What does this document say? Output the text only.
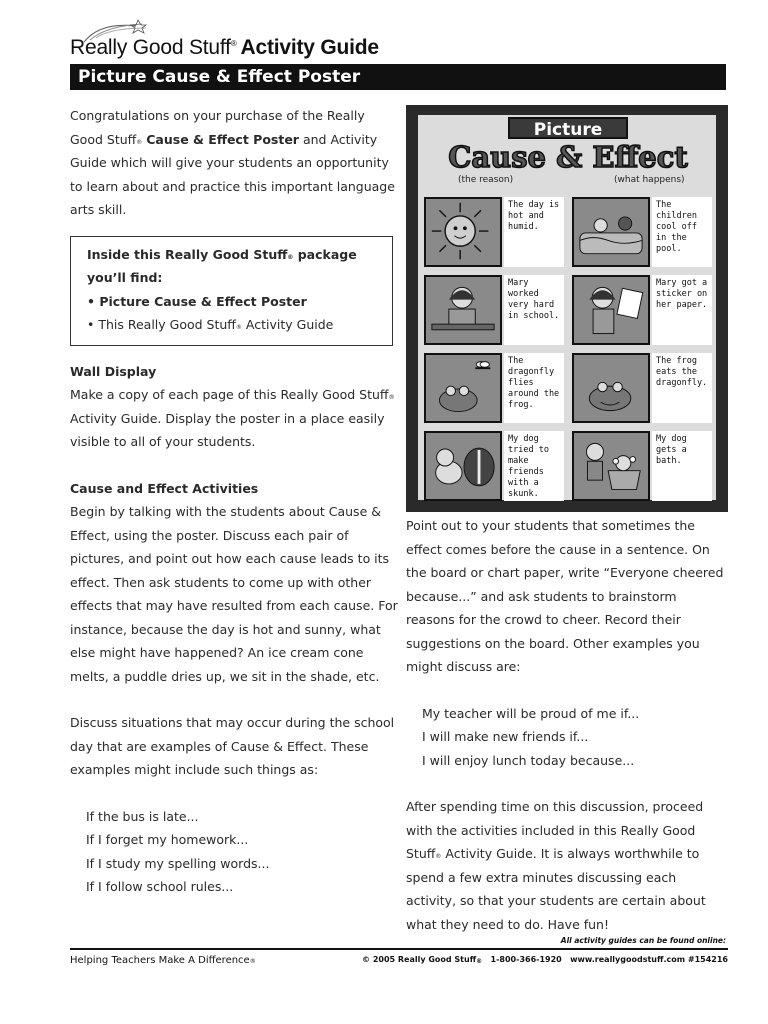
Really Good Stuff® Activity Guide
Picture Cause & Effect Poster

Congratulations on your purchase of the Really Good Stuff® Cause & Effect Poster and Activity Guide which will give your students an opportunity to learn about and practice this important language arts skill.

Inside this Really Good Stuff® package you’ll find:
• Picture Cause & Effect Poster
• This Really Good Stuff® Activity Guide
Wall Display

Make a copy of each page of this Really Good Stuff® Activity Guide. Display the poster in a place easily visible to all of your students.

Cause and Effect Activities

Begin by talking with the students about Cause & Effect, using the poster. Discuss each pair of pictures, and point out how each cause leads to its effect. Then ask students to come up with other effects that may have resulted from each cause. For instance, because the day is hot and sunny, what else might have happened? An ice cream cone melts, a puddle dries up, we sit in the shade, etc.

Discuss situations that may occur during the school day that are examples of Cause & Effect. These examples might include such things as:

If the bus is late...
If I forget my homework...
If I study my spelling words...
If I follow school rules...
Picture
Cause & Effect
(the reason)	(what happens)
The day is hot and humid.
The children cool off in the pool.
Mary worked very hard in school.
Mary got a sticker on her paper.
The dragonfly flies around the frog.
The frog eats the dragonfly.
My dog tried to make friends with a skunk.
My dog gets a bath.

Point out to your students that sometimes the effect comes before the cause in a sentence. On the board or chart paper, write “Everyone cheered because...” and ask students to brainstorm reasons for the crowd to cheer. Record their suggestions on the board. Other examples you might discuss are:

My teacher will be proud of me if...
I will make new friends if...
I will enjoy lunch today because...

After spending time on this discussion, proceed with the activities included in this Really Good Stuff® Activity Guide. It is always worthwhile to spend a few extra minutes discussing each activity, so that your students are certain about what they need to do. Have fun!

All activity guides can be found online:
Helping Teachers Make A Difference®	© 2005 Really Good Stuff® 1-800-366-1920 www.reallygoodstuff.com #154216
